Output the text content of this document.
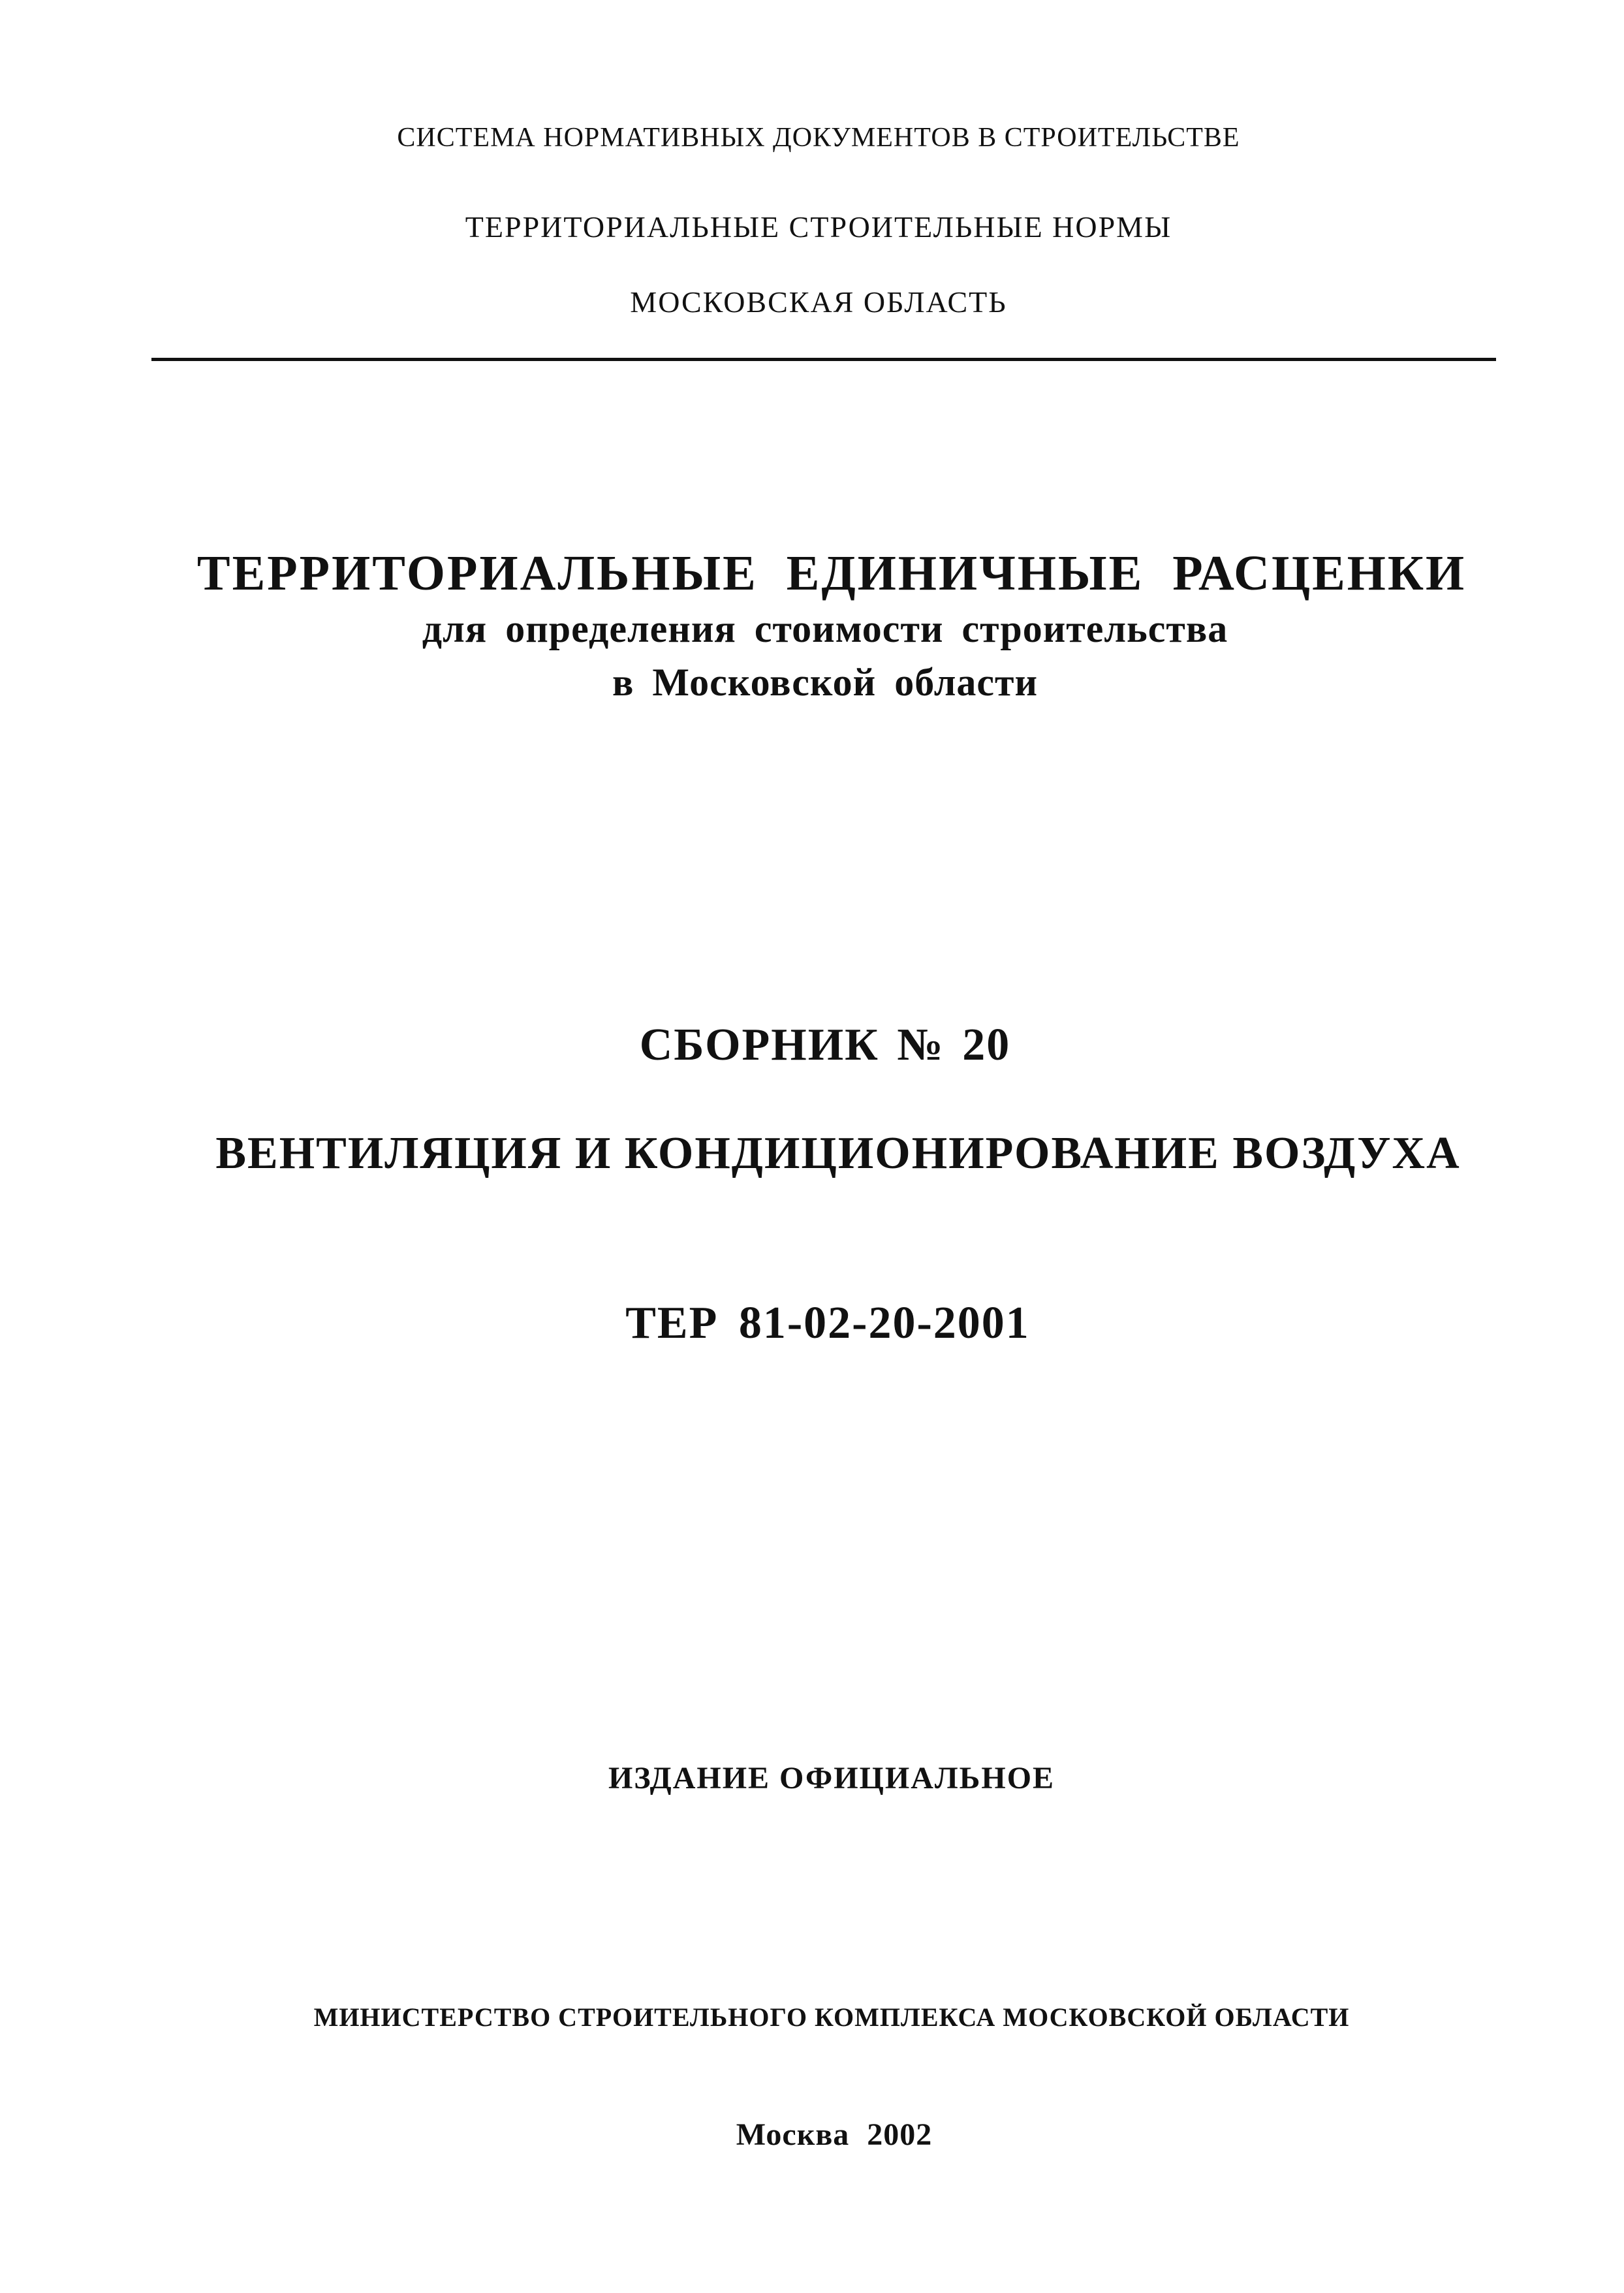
СИСТЕМА НОРМАТИВНЫХ ДОКУМЕНТОВ В СТРОИТЕЛЬСТВЕ
ТЕРРИТОРИАЛЬНЫЕ СТРОИТЕЛЬНЫЕ НОРМЫ
МОСКОВСКАЯ ОБЛАСТЬ
ТЕРРИТОРИАЛЬНЫЕ ЕДИНИЧНЫЕ РАСЦЕНКИ
для определения стоимости строительства
в Московской области
СБОРНИК № 20
ВЕНТИЛЯЦИЯ И КОНДИЦИОНИРОВАНИЕ ВОЗДУХА
ТЕР 81-02-20-2001
ИЗДАНИЕ ОФИЦИАЛЬНОЕ
МИНИСТЕРСТВО СТРОИТЕЛЬНОГО КОМПЛЕКСА МОСКОВСКОЙ ОБЛАСТИ
Москва 2002
